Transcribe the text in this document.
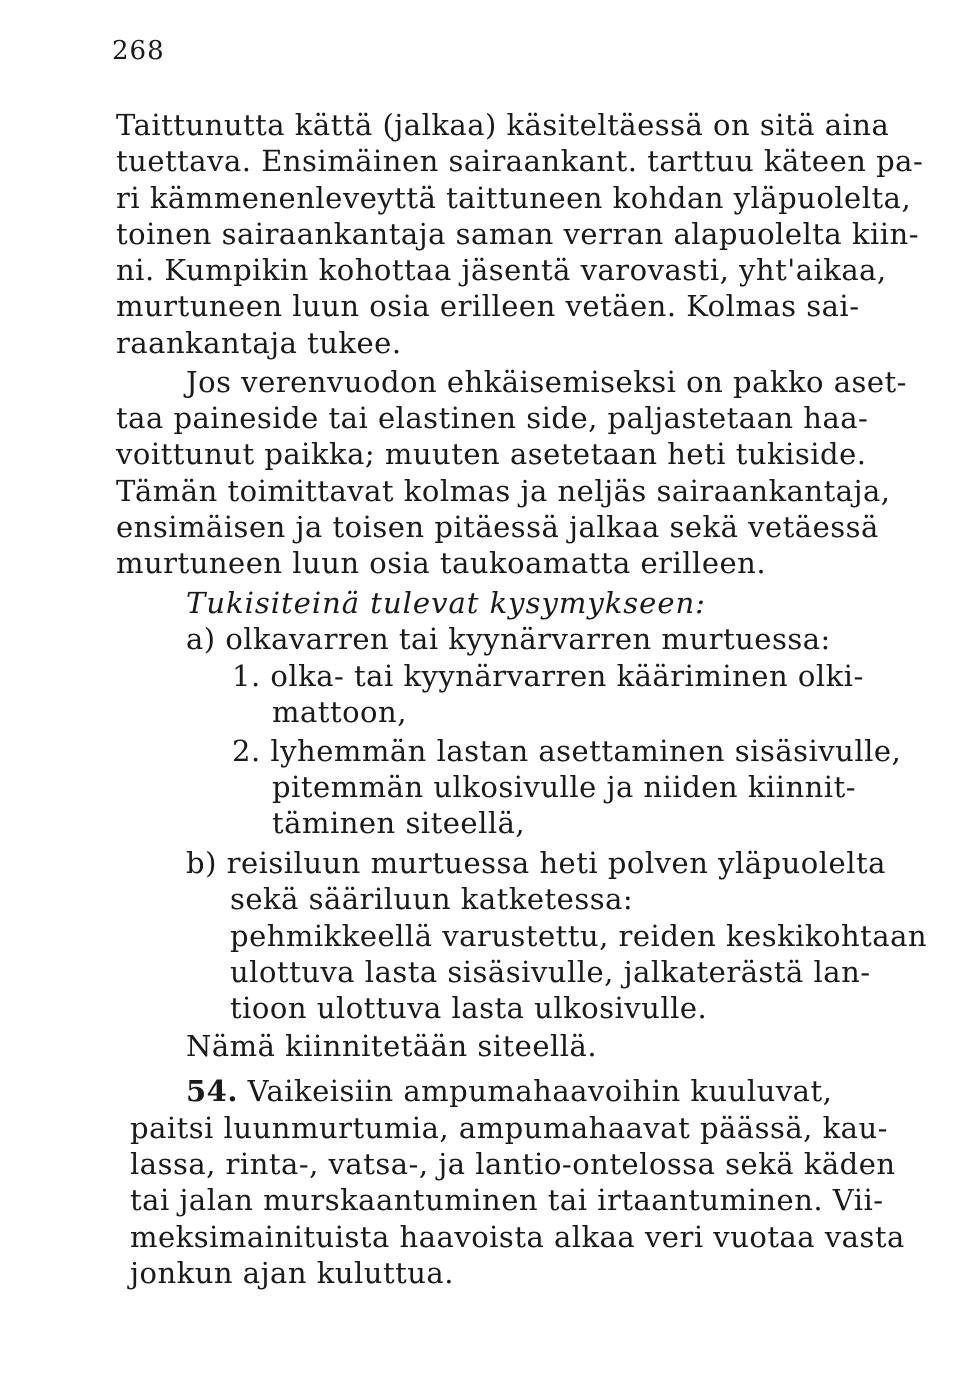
268
Taittunutta kättä (jalkaa) käsiteltäessä on sitä aina
tuettava. Ensimäinen sairaankant. tarttuu käteen pa-
ri kämmenenleveyttä taittuneen kohdan yläpuolelta,
toinen sairaankantaja saman verran alapuolelta kiin-
ni. Kumpikin kohottaa jäsentä varovasti, yht'aikaa,
murtuneen luun osia erilleen vetäen. Kolmas sai-
raankantaja tukee.
Jos verenvuodon ehkäisemiseksi on pakko aset-
taa paineside tai elastinen side, paljastetaan haa-
voittunut paikka; muuten asetetaan heti tukiside.
Tämän toimittavat kolmas ja neljäs sairaankantaja,
ensimäisen ja toisen pitäessä jalkaa sekä vetäessä
murtuneen luun osia taukoamatta erilleen.
Tukisiteinä tulevat kysymykseen:
a) olkavarren tai kyynärvarren murtuessa:
1. olka- tai kyynärvarren kääriminen olki-
mattoon,
2. lyhemmän lastan asettaminen sisäsivulle,
pitemmän ulkosivulle ja niiden kiinnit-
täminen siteellä,
b) reisiluun murtuessa heti polven yläpuolelta
sekä sääriluun katketessa:
pehmikkeellä varustettu, reiden keskikohtaan
ulottuva lasta sisäsivulle, jalkaterästä lan-
tioon ulottuva lasta ulkosivulle.
Nämä kiinnitetään siteellä.
54. Vaikeisiin ampumahaavoihin kuuluvat,
paitsi luunmurtumia, ampumahaavat päässä, kau-
lassa, rinta-, vatsa-, ja lantio-ontelossa sekä käden
tai jalan murskaantuminen tai irtaantuminen. Vii-
meksimainituista haavoista alkaa veri vuotaa vasta
jonkun ajan kuluttua.
